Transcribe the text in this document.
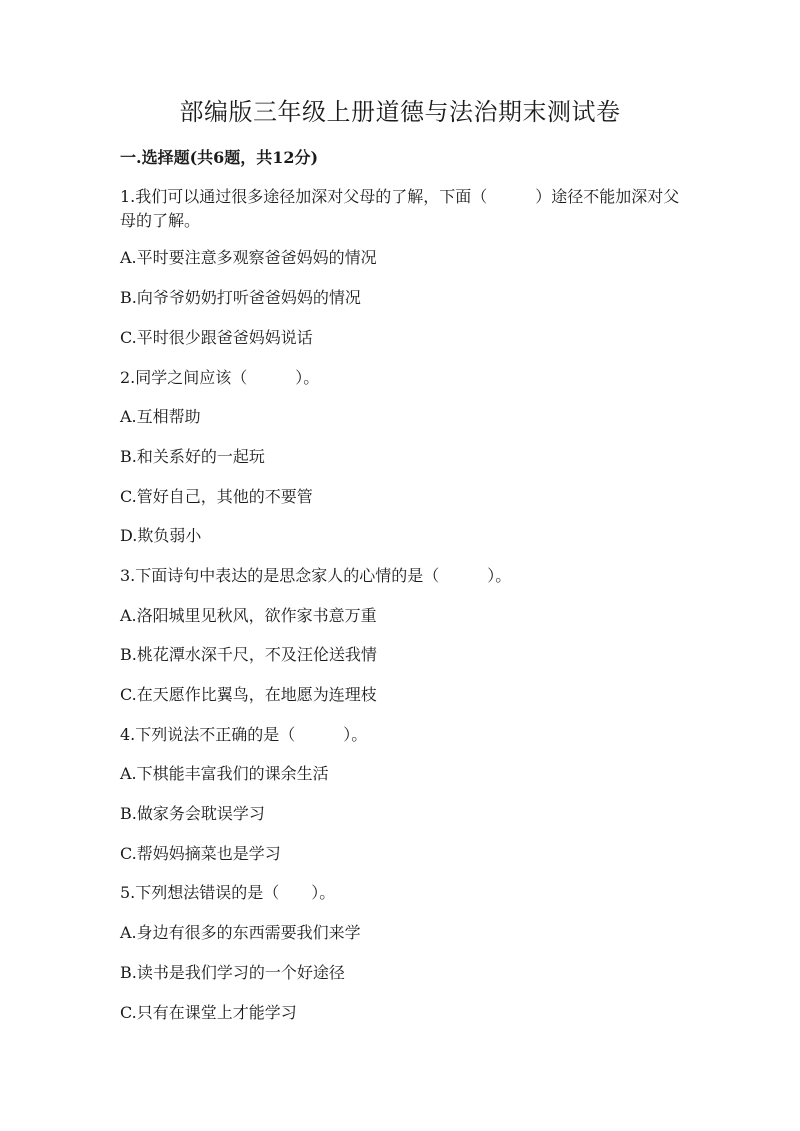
部编版三年级上册道德与法治期末测试卷
一.选择题(共6题，共12分)
1.我们可以通过很多途径加深对父母的了解，下面（　　　）途径不能加深对父母的了解。
A.平时要注意多观察爸爸妈妈的情况
B.向爷爷奶奶打听爸爸妈妈的情况
C.平时很少跟爸爸妈妈说话
2.同学之间应该（　　　）。
A.互相帮助
B.和关系好的一起玩
C.管好自己，其他的不要管
D.欺负弱小
3.下面诗句中表达的是思念家人的心情的是（　　　）。
A.洛阳城里见秋风，欲作家书意万重
B.桃花潭水深千尺，不及汪伦送我情
C.在天愿作比翼鸟，在地愿为连理枝
4.下列说法不正确的是（　　　）。
A.下棋能丰富我们的课余生活
B.做家务会耽误学习
C.帮妈妈摘菜也是学习
5.下列想法错误的是（　　）。
A.身边有很多的东西需要我们来学
B.读书是我们学习的一个好途径
C.只有在课堂上才能学习
